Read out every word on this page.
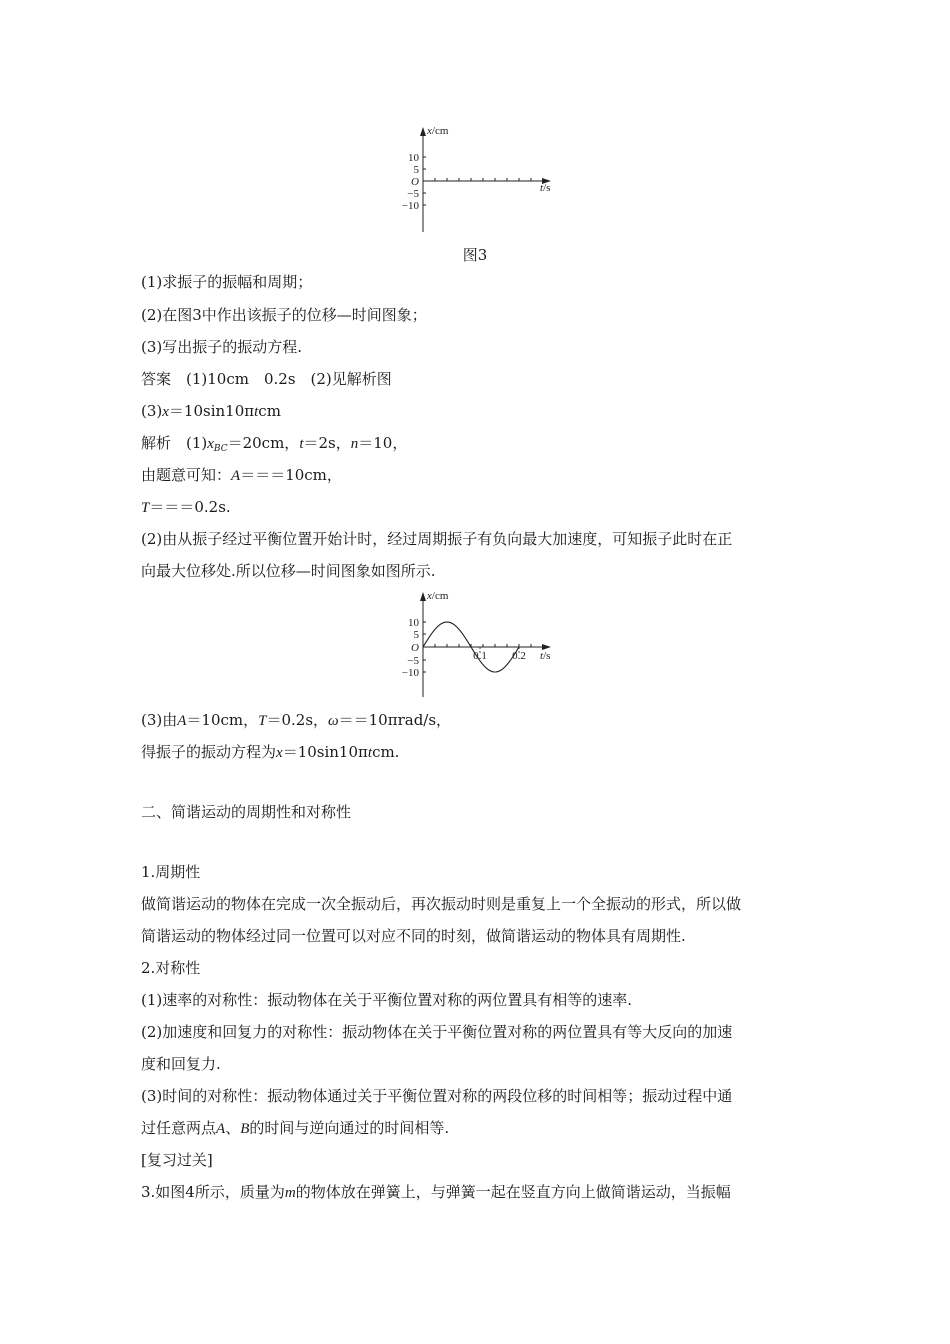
x/cm
10
5
O
−5
−10
t/s
图3
(1)求振子的振幅和周期；
(2)在图3中作出该振子的位移—时间图象；
(3)写出振子的振动方程.
答案　(1)10cm　0.2s　(2)见解析图
(3)x＝10sin10πtcm
解析　$(1)x_{BC}=20cm$，t＝2s，n＝10，
由题意可知：A＝＝＝10cm，
T＝＝＝0.2s.
(2)由从振子经过平衡位置开始计时，经过周期振子有负向最大加速度，可知振子此时在正
向最大位移处.所以位移—时间图象如图所示.
x/cm
10
5
O
−5
−10
0.1 0.2 t/s
(3)由A＝10cm，T＝0.2s，ω＝＝10πrad/s，
得振子的振动方程为x＝10sin10πtcm.
二、简谐运动的周期性和对称性
1.周期性
做简谐运动的物体在完成一次全振动后，再次振动时则是重复上一个全振动的形式，所以做
简谐运动的物体经过同一位置可以对应不同的时刻，做简谐运动的物体具有周期性.
2.对称性
(1)速率的对称性：振动物体在关于平衡位置对称的两位置具有相等的速率.
(2)加速度和回复力的对称性：振动物体在关于平衡位置对称的两位置具有等大反向的加速
度和回复力.
(3)时间的对称性：振动物体通过关于平衡位置对称的两段位移的时间相等；振动过程中通
过任意两点A、B的时间与逆向通过的时间相等.
[复习过关]
3.如图4所示，质量为m的物体放在弹簧上，与弹簧一起在竖直方向上做简谐运动，当振幅
